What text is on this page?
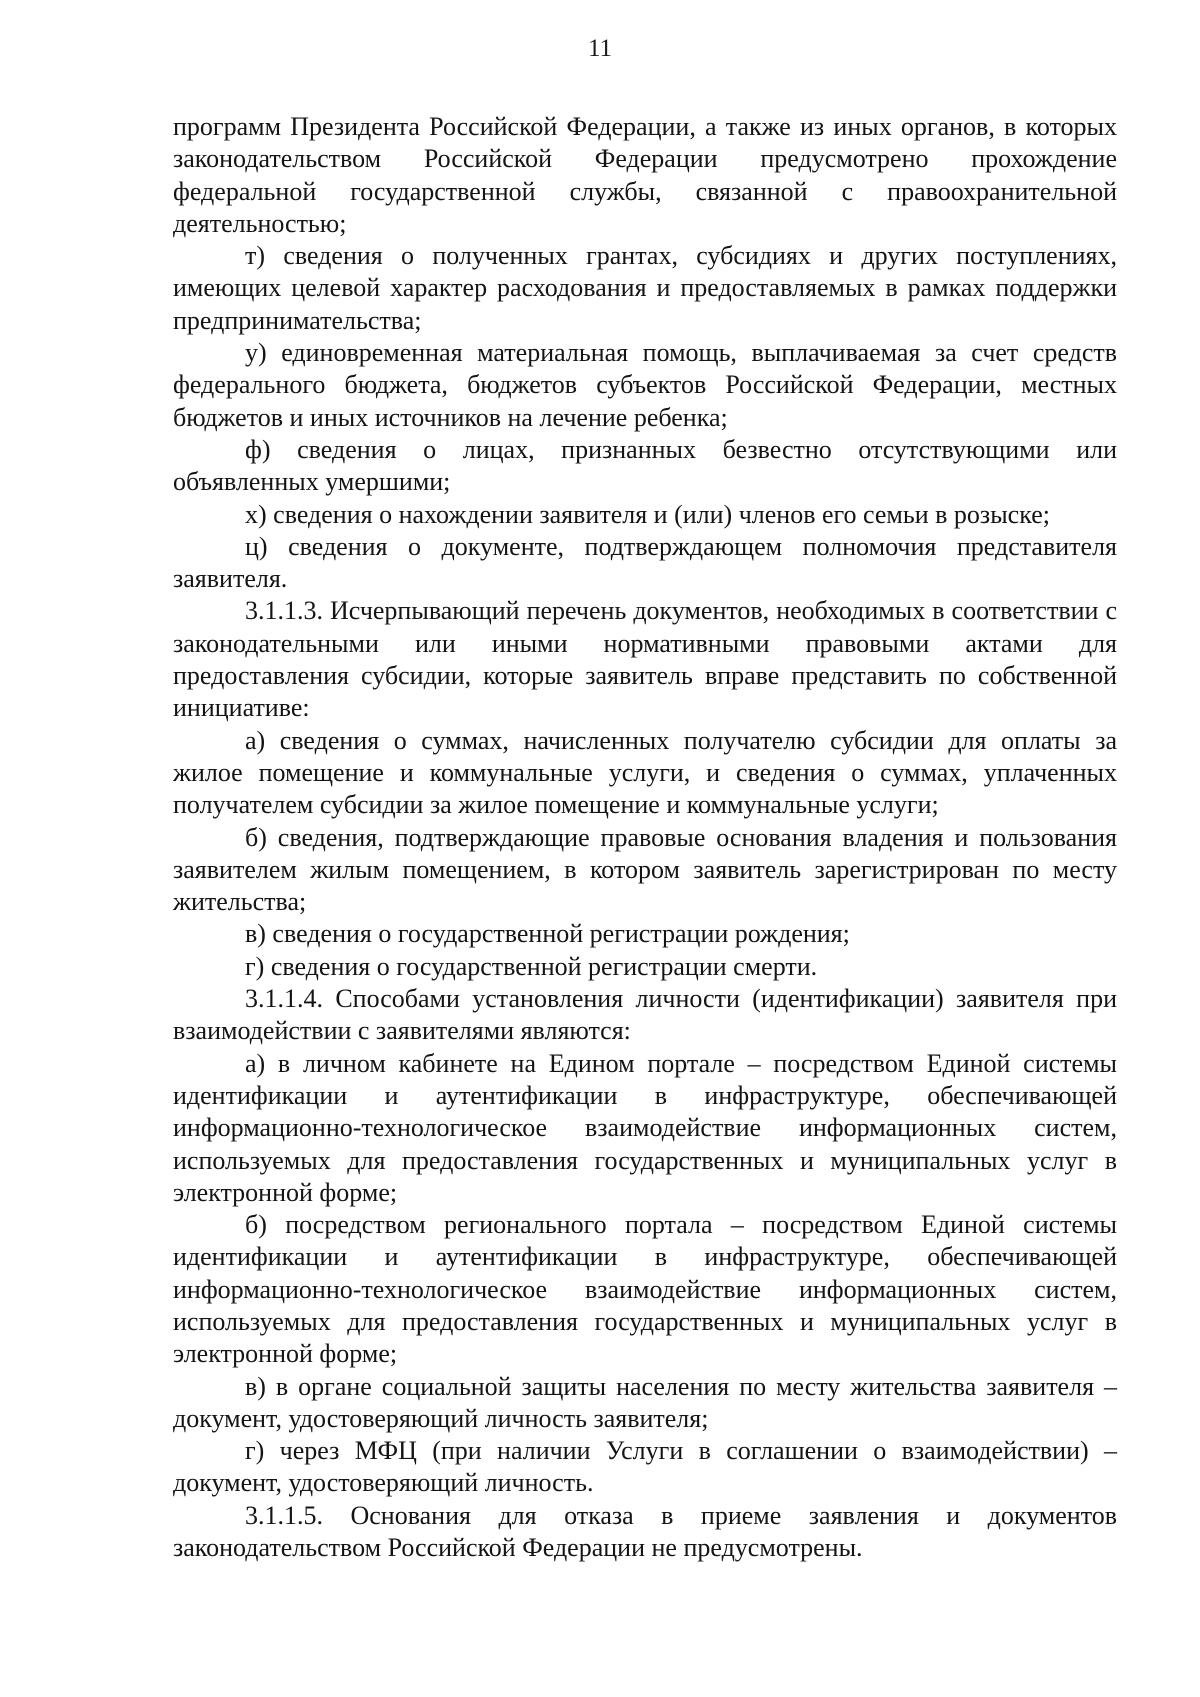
11

программ Президента Российской Федерации, а также из иных органов, в которых законодательством Российской Федерации предусмотрено прохождение федеральной государственной службы, связанной с правоохранительной деятельностью;

т) сведения о полученных грантах, субсидиях и других поступлениях, имеющих целевой характер расходования и предоставляемых в рамках поддержки предпринимательства;

у) единовременная материальная помощь, выплачиваемая за счет средств федерального бюджета, бюджетов субъектов Российской Федерации, местных бюджетов и иных источников на лечение ребенка;

ф) сведения о лицах, признанных безвестно отсутствующими или объявленных умершими;

х) сведения о нахождении заявителя и (или) членов его семьи в розыске;

ц) сведения о документе, подтверждающем полномочия представителя заявителя.

3.1.1.3. Исчерпывающий перечень документов, необходимых в соответствии с законодательными или иными нормативными правовыми актами для предоставления субсидии, которые заявитель вправе представить по собственной инициативе:

а) сведения о суммах, начисленных получателю субсидии для оплаты за жилое помещение и коммунальные услуги, и сведения о суммах, уплаченных получателем субсидии за жилое помещение и коммунальные услуги;

б) сведения, подтверждающие правовые основания владения и пользования заявителем жилым помещением, в котором заявитель зарегистрирован по месту жительства;

в) сведения о государственной регистрации рождения;

г) сведения о государственной регистрации смерти.

3.1.1.4. Способами установления личности (идентификации) заявителя при взаимодействии с заявителями являются:

а) в личном кабинете на Едином портале – посредством Единой системы идентификации и аутентификации в инфраструктуре, обеспечивающей информационно-технологическое взаимодействие информационных систем, используемых для предоставления государственных и муниципальных услуг в электронной форме;

б) посредством регионального портала – посредством Единой системы идентификации и аутентификации в инфраструктуре, обеспечивающей информационно-технологическое взаимодействие информационных систем, используемых для предоставления государственных и муниципальных услуг в электронной форме;

в) в органе социальной защиты населения по месту жительства заявителя – документ, удостоверяющий личность заявителя;

г) через МФЦ (при наличии Услуги в соглашении о взаимодействии) – документ, удостоверяющий личность.

3.1.1.5. Основания для отказа в приеме заявления и документов законодательством Российской Федерации не предусмотрены.
